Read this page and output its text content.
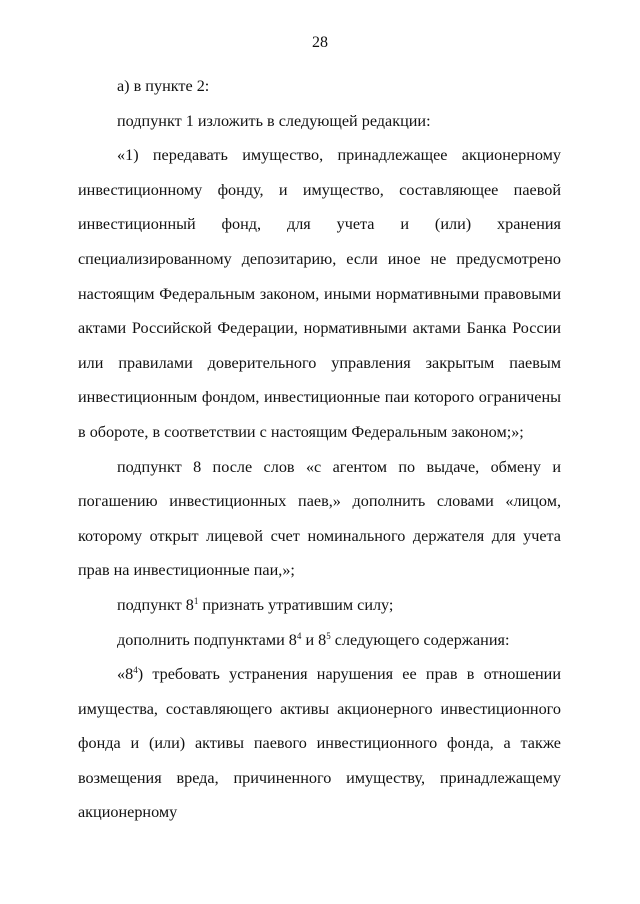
28

а) в пункте 2:

подпункт 1 изложить в следующей редакции:

«1) передавать имущество, принадлежащее акционерному инвестиционному фонду, и имущество, составляющее паевой инвестиционный фонд, для учета и (или) хранения специализированному депозитарию, если иное не предусмотрено настоящим Федеральным законом, иными нормативными правовыми актами Российской Федерации, нормативными актами Банка России или правилами доверительного управления закрытым паевым инвестиционным фондом, инвестиционные паи которого ограничены в обороте, в соответствии с настоящим Федеральным законом;»;

подпункт 8 после слов «с агентом по выдаче, обмену и погашению инвестиционных паев,» дополнить словами «лицом, которому открыт лицевой счет номинального держателя для учета прав на инвестиционные паи,»;

подпункт $8^1$ признать утратившим силу;

дополнить подпунктами $8^4$ и $8^5$ следующего содержания:

«$8^4$) требовать устранения нарушения ее прав в отношении имущества, составляющего активы акционерного инвестиционного фонда и (или) активы паевого инвестиционного фонда, а также возмещения вреда, причиненного имуществу, принадлежащему акционерному
